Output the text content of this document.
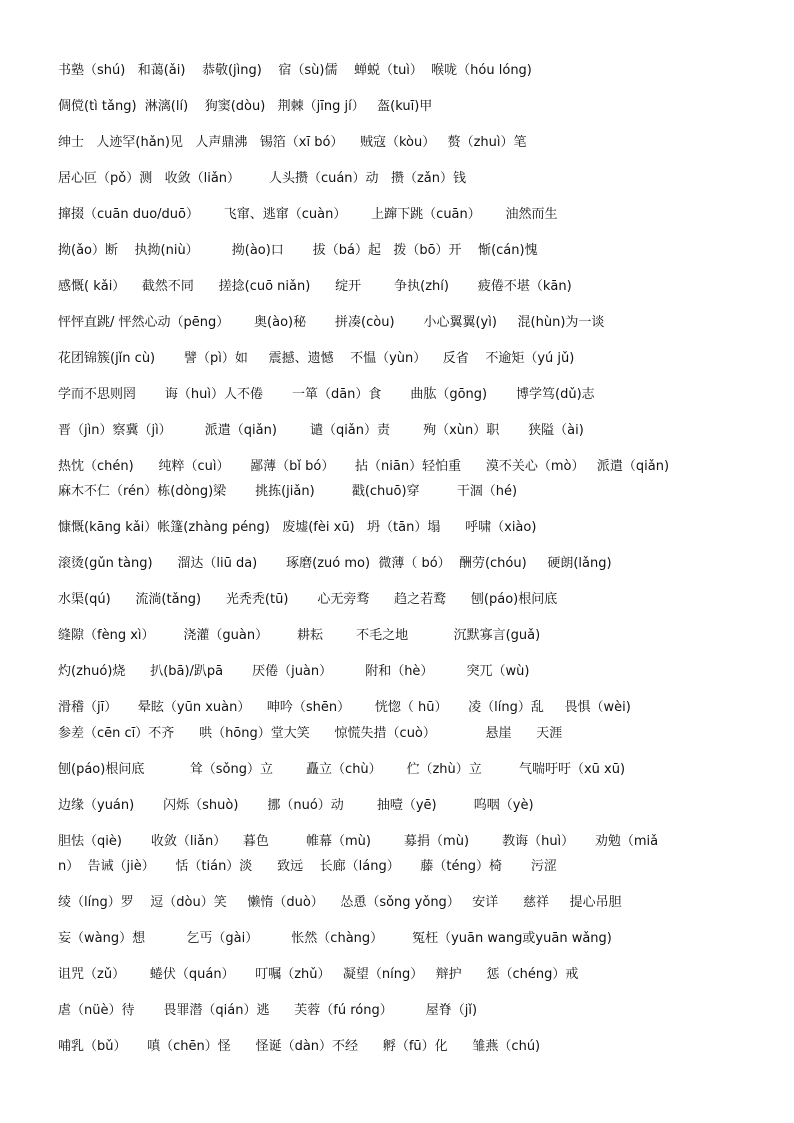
书塾（shú)   和蔼(ǎi)    恭敬(jìng)    宿（sù)儒    蝉蜕（tuì）  喉咙（hóu lóng)
倜傥(tì tǎng)  淋漓(lí)    狗窦(dòu)   荆棘（jīng jí）   盔(kuī)甲
绅士   人迹罕(hǎn)见   人声鼎沸   锡箔（xī bó）    贼寇（kòu）   赘（zhuì）笔
居心叵（pǒ）测   收敛（liǎn）       人头攒（cuán）动   攒（zǎn）钱
撺掇（cuān duo/duō）      飞窜、逃窜（cuàn）      上蹿下跳（cuān）      油然而生
拗(ǎo）断    执拗(niù）        拗(ào)口       拔（bá）起   拨（bō）开    惭(cán)愧
感慨( kǎi）    截然不同      搓捻(cuō niǎn)      绽开        争执(zhí)       疲倦不堪（kān)
怦怦直跳/ 怦然心动（pēng）      奥(ào)秘       拼凑(còu)       小心翼翼(yì)     混(hùn)为一谈
花团锦簇(jǐn cù)       譬（pì）如     震撼、遗憾    不愠（yùn）    反省    不逾矩（yú jǔ)
学而不思则罔       诲（huì）人不倦       一箪（dān）食       曲肱（gōng)       博学笃(dǔ)志
晋（jìn）察冀（jì）        派遣（qiǎn)        谴（qiǎn）责        殉（xùn）职       狭隘（ài)
热忱（chén)      纯粹（cuì）     鄙薄（bǐ bó）     拈（niān）轻怕重      漠不关心（mò）   派遣（qiǎn)
麻木不仁（rén）栋(dòng)梁       挑拣(jiǎn)         戳(chuō)穿         干涸（hé)
慷慨(kāng kǎi）帐篷(zhàng péng)   废墟(fèi xū)   坍（tān）塌      呼啸（xiào)
滚烫(gǔn tàng)      溜达（liū da)       琢磨(zuó mo)  微薄（ bó）  酬劳(chóu)     硬朗(lǎng)
水渠(qú)      流淌(tǎng)      光秃秃(tū)       心无旁骛      趋之若鹜      刨(páo)根问底
缝隙（fèng xì）       浇灌（guàn）       耕耘        不毛之地           沉默寡言(guǎ)
灼(zhuó)烧      扒(bā)/趴pā       厌倦（juàn）        附和（hè）        突兀（wù)
滑稽（jī）     晕眩（yūn xuàn）    呻吟（shēn）      恍惚（ hū）     凌（líng）乱     畏惧（wèi)
参差（cēn cī）不齐      哄（hōng）堂大笑      惊慌失措（cuò）            悬崖      天涯
刨(páo)根问底           耸（sǒng）立        矗立（chù）      伫（zhù）立         气喘吁吁（xū xū)
边缘（yuán)       闪烁（shuò)       挪（nuó）动        抽噎（yē)         呜咽（yè)
胆怯（qiè)       收敛（liǎn）    暮色         帷幕（mù)        募捐（mù)        教诲（huì）     劝勉（miǎ
n）  告诫（jiè）     恬（tián）淡      致远    长廊（láng）     藤（téng）椅       污涩
绫（líng）罗    逗（dòu）笑     懒惰（duò）    怂恿（sǒng yǒng）   安详      慈祥     提心吊胆
妄（wàng）想          乞丐（gài）        怅然（chàng）       冤枉（yuān wang或yuān wǎng)
诅咒（zǔ）      蜷伏（quán）     叮嘱（zhǔ）   凝望（níng）   辩护      惩（chéng）戒
虐（nüè）待       畏罪潜（qián）逃      芙蓉（fú róng）        屋脊（jǐ)
哺乳（bǔ）     嗔（chēn）怪      怪诞（dàn）不经      孵（fū）化      雏燕（chú)
